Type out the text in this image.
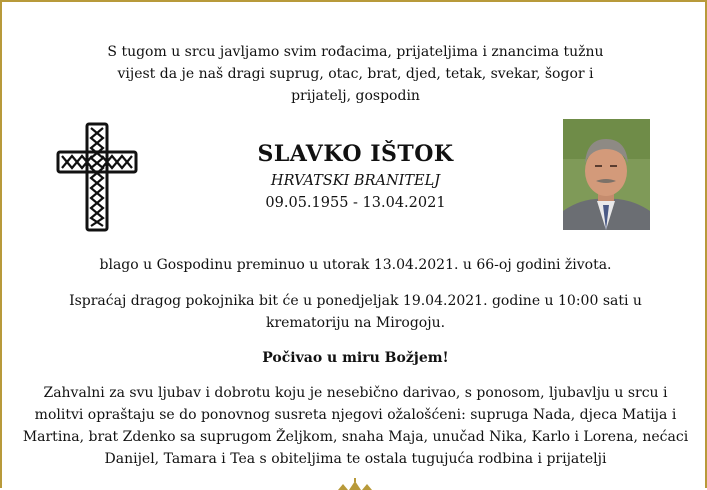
S tugom u srcu javljamo svim rođacima, prijateljima i znancima tužnu vijest da je naš dragi suprug, otac, brat, djed, tetak, svekar, šogor i prijatelj, gospodin
SLAVKO IŠTOK
HRVATSKI BRANITELJ
09.05.1955 - 13.04.2021
blago u Gospodinu preminuo u utorak 13.04.2021. u 66-oj godini života.
Ispraćaj dragog pokojnika bit će u ponedjeljak 19.04.2021. godine u 10:00 sati u krematoriju na Mirogoju.
Počivao u miru Božjem!
Zahvalni za svu ljubav i dobrotu koju je nesebično darivao, s ponosom, ljubavlju u srcu i molitvi opraštaju se do ponovnog susreta njegovi ožalošćeni: supruga Nada, djeca Matija i Martina, brat Zdenko sa suprugom Željkom, snaha Maja, unučad Nika, Karlo i Lorena, nećaci Danijel, Tamara i Tea s obiteljima te ostala tugujuća rodbina i prijatelji
